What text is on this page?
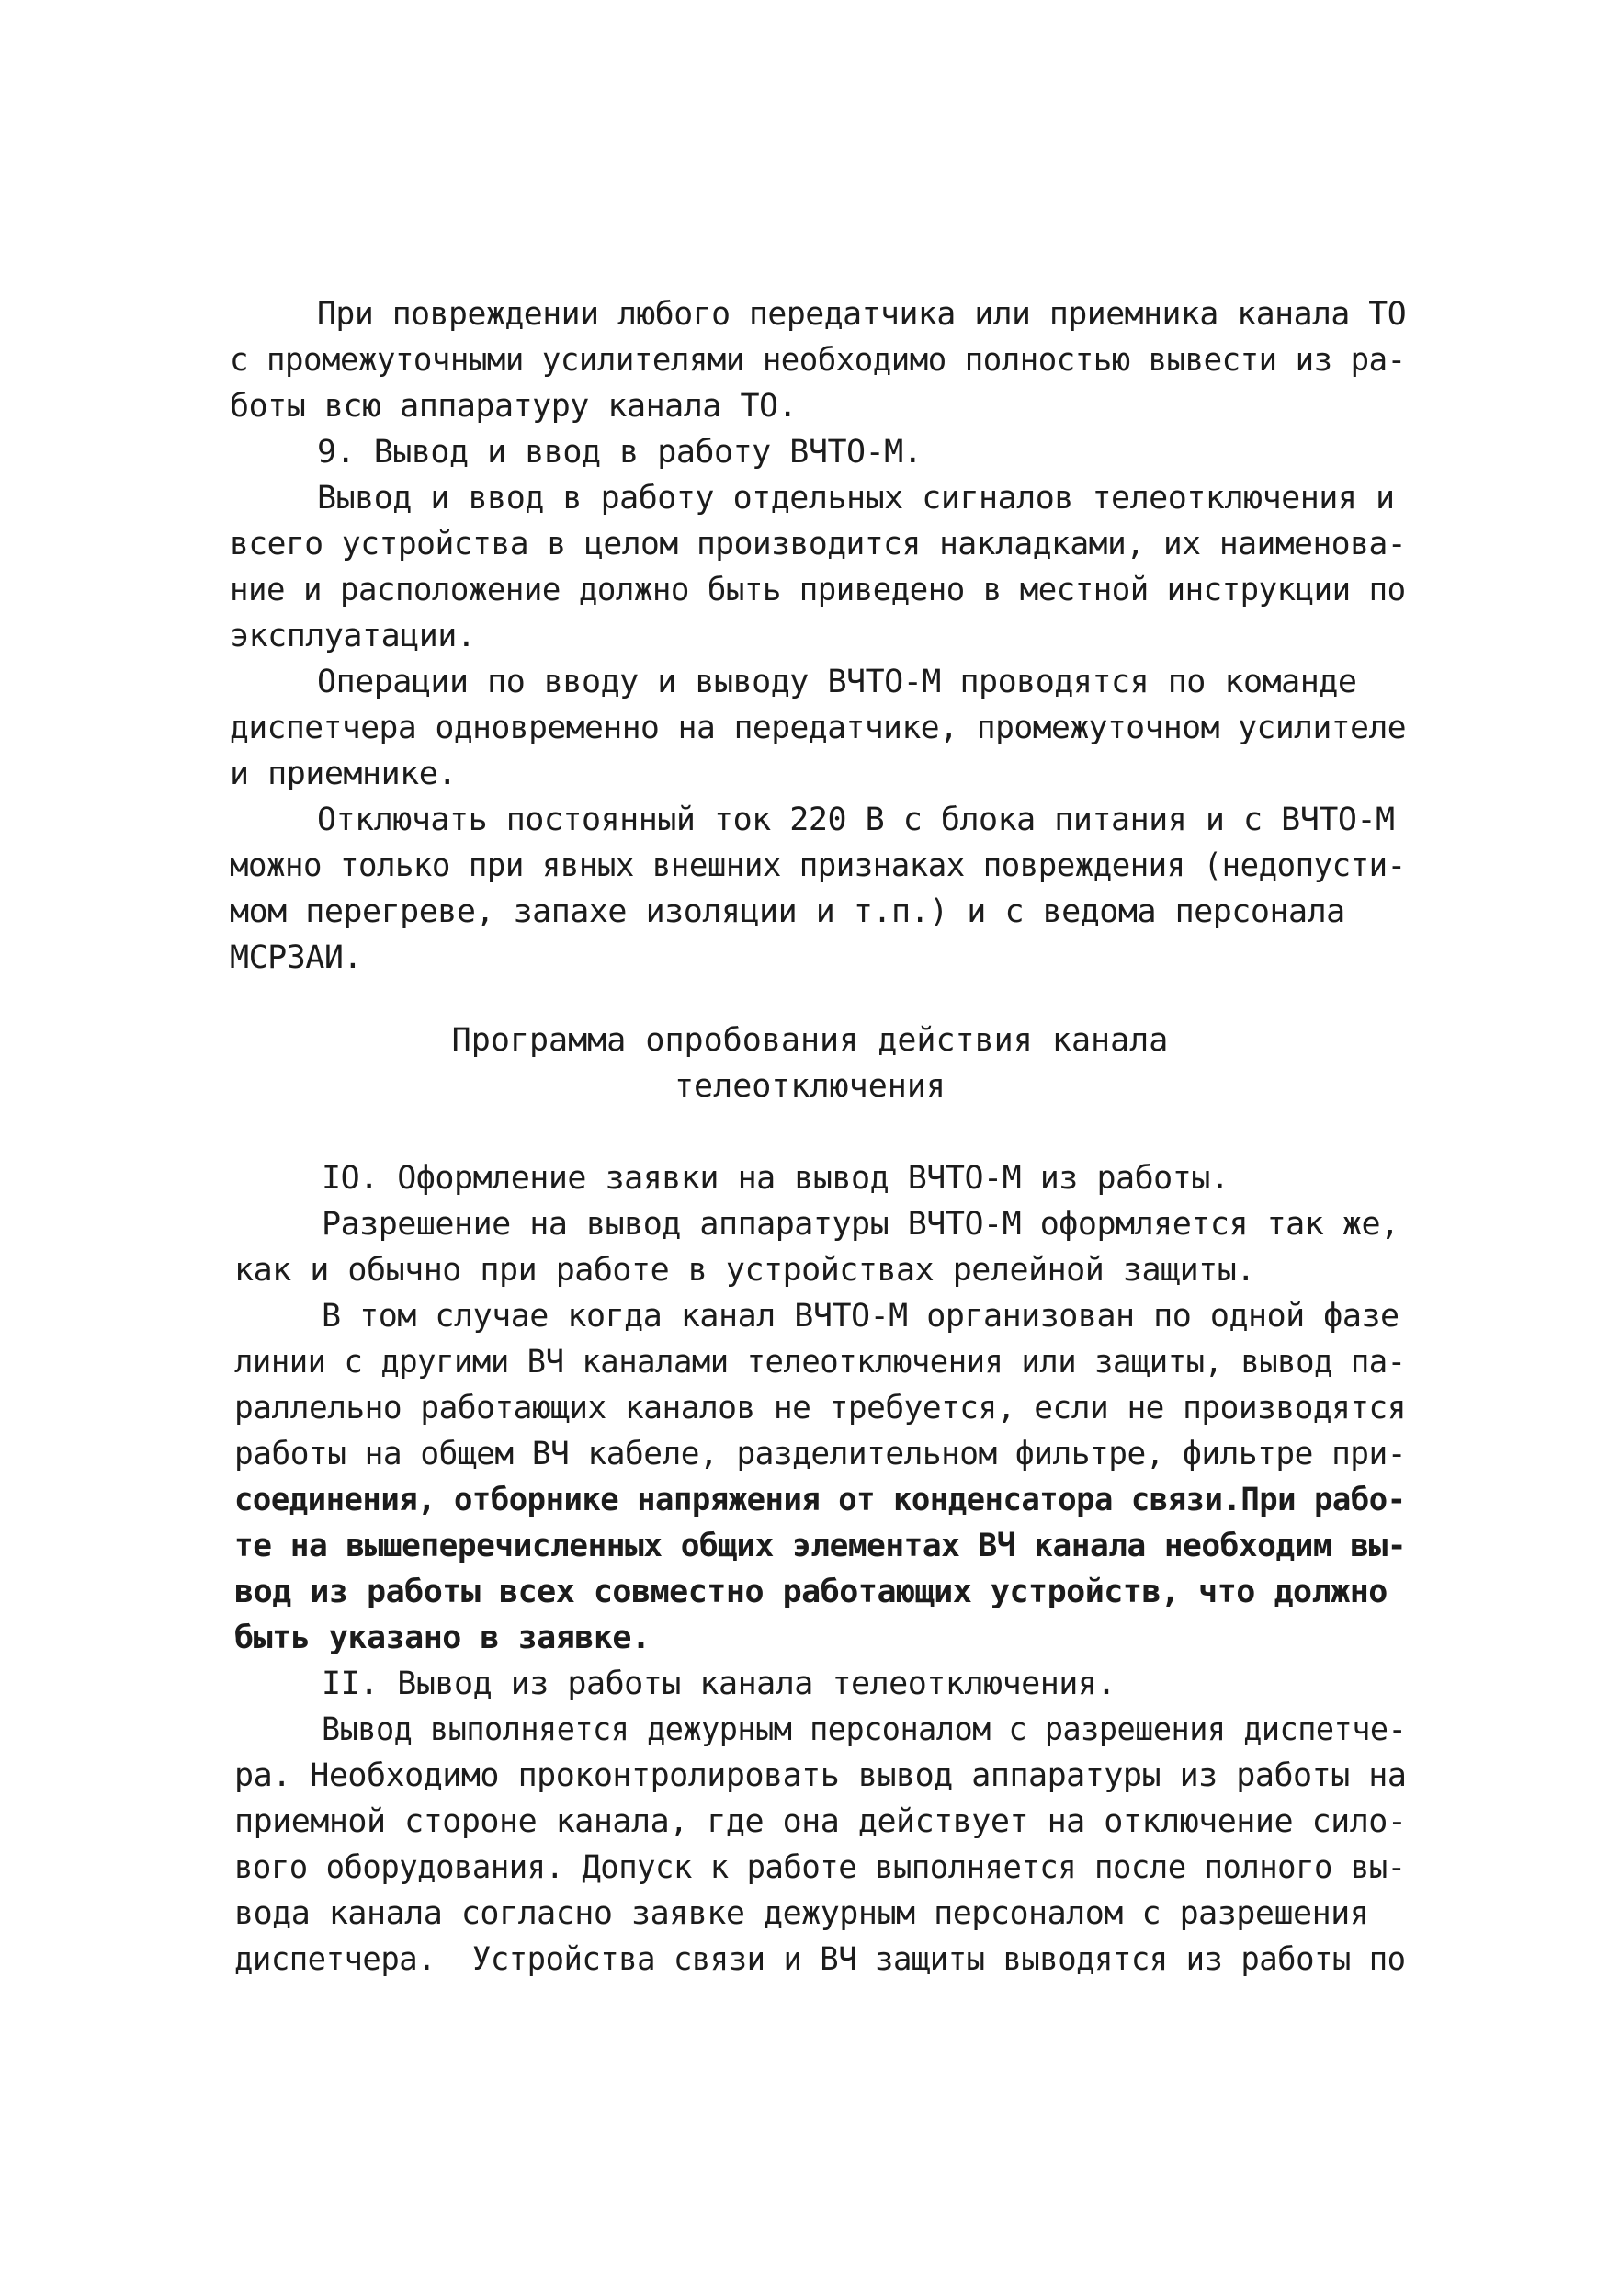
При повреждении любого передатчика или приемника канала ТО
с промежуточными усилителями необходимо полностью вывести из ра-
боты всю аппаратуру канала ТО.
9. Вывод и ввод в работу ВЧТО-М.
Вывод и ввод в работу отдельных сигналов телеотключения и
всего устройства в целом производится накладками, их наименова-
ние и расположение должно быть приведено в местной инструкции по
эксплуатации.
Операции по вводу и выводу ВЧТО-М проводятся по команде
диспетчера одновременно на передатчике, промежуточном усилителе
и приемнике.
Отключать постоянный ток 220 В с блока питания и с ВЧТО-М
можно только при явных внешних признаках повреждения (недопусти-
мом перегреве, запахе изоляции и т.п.) и с ведома персонала
МСРЗАИ.
Программа опробования действия канала
телеотключения
IO. Оформление заявки на вывод ВЧТО-М из работы.
Разрешение на вывод аппаратуры ВЧТО-М оформляется так же,
как и обычно при работе в устройствах релейной защиты.
В том случае когда канал ВЧТО-М организован по одной фазе
линии с другими ВЧ каналами телеотключения или защиты, вывод па-
раллельно работающих каналов не требуется, если не производятся
работы на общем ВЧ кабеле, разделительном фильтре, фильтре при-
соединения, отборнике напряжения от конденсатора связи.При рабо-
те на вышеперечисленных общих элементах ВЧ канала необходим вы-
вод из работы всех совместно работающих устройств, что должно
быть указано в заявке.
II. Вывод из работы канала телеотключения.
Вывод выполняется дежурным персоналом с разрешения диспетче-
ра. Необходимо проконтролировать вывод аппаратуры из работы на
приемной стороне канала, где она действует на отключение сило-
вого оборудования. Допуск к работе выполняется после полного вы-
вода канала согласно заявке дежурным персоналом с разрешения
диспетчера.  Устройства связи и ВЧ защиты выводятся из работы по
